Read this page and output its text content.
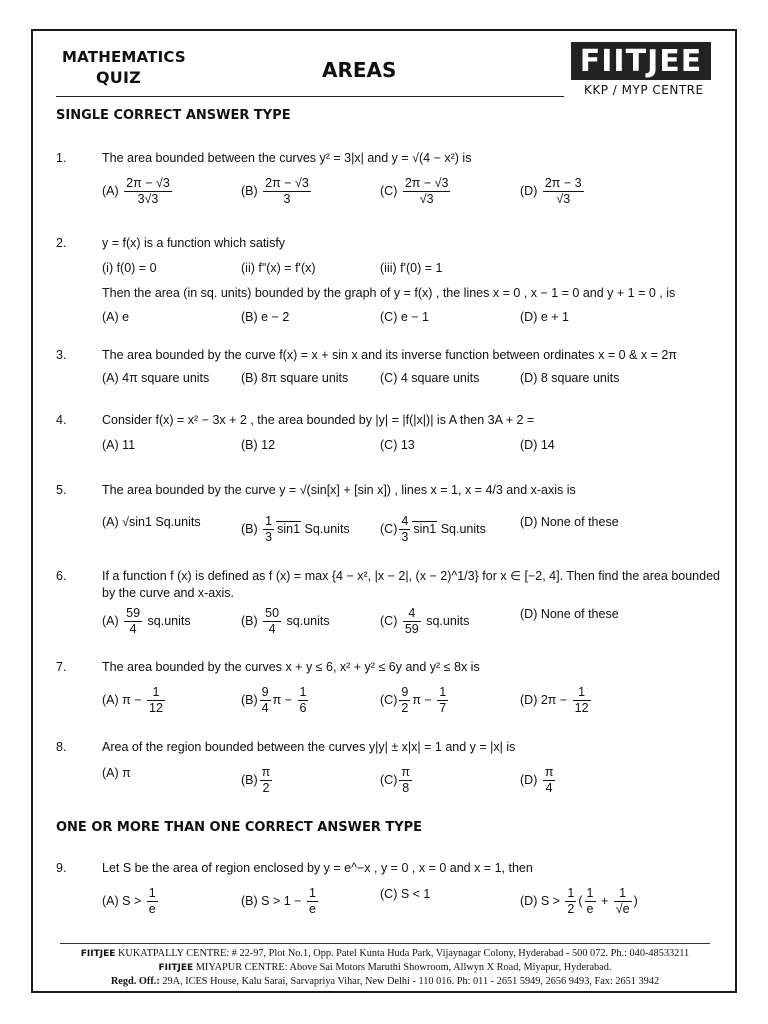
MATHEMATICS
QUIZ	AREAS	FIITJEE
KKP / MYP CENTRE
SINGLE CORRECT ANSWER TYPE
1.	The area bounded between the curves y² = 3|x| and y = √(4 − x²) is
$(A) \frac{2\pi - √3}{3√3}$	$(B) \frac{2\pi - √3}{3}$	$(C) \frac{2\pi - √3}{√3}$	$(D) \frac{2\pi - 3}{√3}$
2.	y = f(x) is a function which satisfy
(i) f(0) = 0	(ii) f"(x) = f'(x)	(iii) f'(0) = 1
Then the area (in sq. units) bounded by the graph of y = f(x) , the lines x = 0 , x − 1 = 0 and y + 1 = 0 , is
(A) e	(B) e − 2	(C) e − 1	(D) e + 1
3.	The area bounded by the curve f(x) = x + sin x and its inverse function between ordinates x = 0 & x = 2π
(A) 4π square units	(B) 8π square units	(C) 4 square units	(D) 8 square units
4.	Consider f(x) = x² − 3x + 2 , the area bounded by |y| = |f(|x|)| is A then 3A + 2 =
(A) 11	(B) 12	(C) 13	(D) 14
5.	The area bounded by the curve y = √(sin[x] + [sin x]) , lines x = 1, x = 4/3 and x-axis is
(A) √sin1 Sq.units	$(B) \frac{1}{3} \sin 1$ Sq.units $(C) \frac{4}{3} \sin 1$ Sq.units	(D) None of these
6.	If a function f (x) is defined as f (x) = max {4 − x², |x − 2|, (x − 2)^1/3} for x ∈ [−2, 4]. Then find the area bounded by the curve and x-axis.
$(A) \frac{59}{4}$ sq.units	$(B) \frac{50}{4}$ sq.units	$(C) \frac{4}{59}$ sq.units	(D) None of these
7.	The area bounded by the curves x + y ≤ 6, x² + y² ≤ 6y and y² ≤ 8x is
(A) $\pi - \frac{1}{12}$	$(B) \frac{9}{4}$ $\pi - \frac{1}{6}$	$(C) \frac{9}{2}$ $\pi - \frac{1}{7}$	(D) $2\pi - \frac{1}{12}$
8.	Area of the region bounded between the curves y|y| ± x|x| = 1 and y = |x| is
(A) π	$(B) \frac{\pi}{2}$	$(C) \frac{\pi}{8}$	$(D) \frac{\pi}{4}$
ONE OR MORE THAN ONE CORRECT ANSWER TYPE
9.	Let S be the area of region enclosed by y = e^−x , y = 0 , x = 0 and x = 1, then
(A) $S > \frac{1}{e}$	(B) $S > 1 - \frac{1}{e}$	(C) S < 1	(D) $S > \frac{1}{2}$ ( $\frac{1}{e} + \frac{1}{√e}$ )
FIITJEE KUKATPALLY CENTRE: # 22-97, Plot No.1, Opp. Patel Kunta Huda Park, Vijaynagar Colony, Hyderabad - 500 072. Ph.: 040-48533211
FIITJEE MIYAPUR CENTRE: Above Sai Motors Maruthi Showroom, Allwyn X Road, Miyapur, Hyderabad.
Regd. Off.: 29A, ICES House, Kalu Sarai, Sarvapriya Vihar, New Delhi - 110 016. Ph: 011 - 2651 5949, 2656 9493, Fax: 2651 3942
